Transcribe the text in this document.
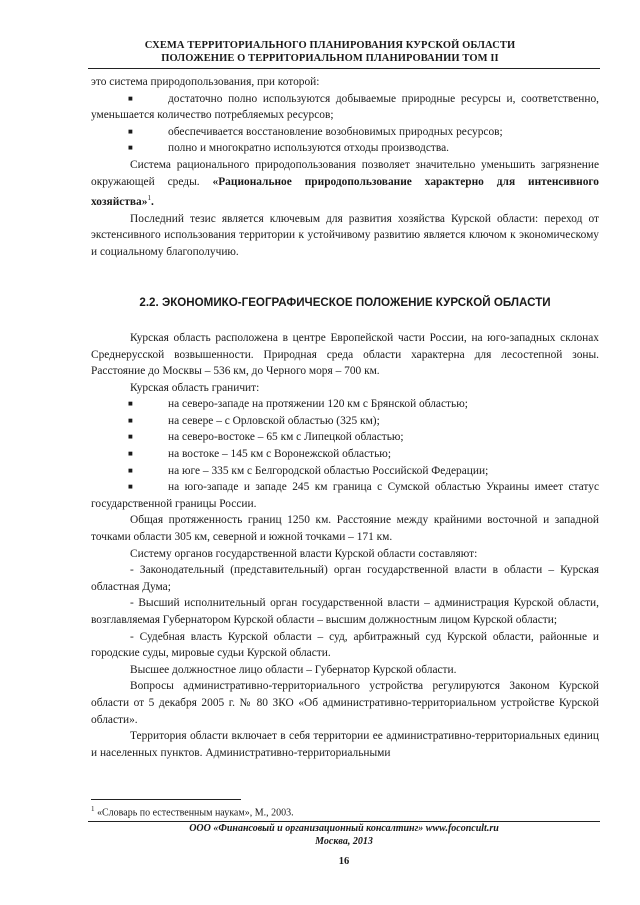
СХЕМА ТЕРРИТОРИАЛЬНОГО ПЛАНИРОВАНИЯ КУРСКОЙ ОБЛАСТИ
ПОЛОЖЕНИЕ О ТЕРРИТОРИАЛЬНОМ ПЛАНИРОВАНИИ ТОМ II

это система природопользования, при которой:

■	достаточно полно используются добываемые природные ресурсы и, соответственно, уменьшается количество потребляемых ресурсов;

■	обеспечивается восстановление возобновимых природных ресурсов;

■	полно и многократно используются отходы производства.

Система рационального природопользования позволяет значительно уменьшить загрязнение окружающей среды. «Рациональное природопользование характерно для интенсивного хозяйства»$^1$.

Последний тезис является ключевым для развития хозяйства Курской области: переход от экстенсивного использования территории к устойчивому развитию является ключом к экономическому и социальному благополучию.

2.2. ЭКОНОМИКО-ГЕОГРАФИЧЕСКОЕ ПОЛОЖЕНИЕ КУРСКОЙ ОБЛАСТИ

Курская область расположена в центре Европейской части России, на юго-западных склонах Среднерусской возвышенности. Природная среда области характерна для лесостепной зоны. Расстояние до Москвы – 536 км, до Черного моря – 700 км.

Курская область граничит:

■	на северо-западе на протяжении 120 км с Брянской областью;

■	на севере – с Орловской областью (325 км);

■	на северо-востоке – 65 км с Липецкой областью;

■	на востоке – 145 км с Воронежской областью;

■	на юге – 335 км с Белгородской областью Российской Федерации;

■	на юго-западе и западе 245 км граница с Сумской областью Украины имеет статус государственной границы России.

Общая протяженность границ 1250 км. Расстояние между крайними восточной и западной точками области 305 км, северной и южной точками – 171 км.

Систему органов государственной власти Курской области составляют:

- Законодательный (представительный) орган государственной власти в области – Курская областная Дума;

- Высший исполнительный орган государственной власти – администрация Курской области, возглавляемая Губернатором Курской области – высшим должностным лицом Курской области;

- Судебная власть Курской области – суд, арбитражный суд Курской области, районные и городские суды, мировые судьи Курской области.

Высшее должностное лицо области – Губернатор Курской области.

Вопросы административно-территориального устройства регулируются Законом Курской области от 5 декабря 2005 г. № 80 ЗКО «Об административно-территориальном устройстве Курской области».

Территория области включает в себя территории ее административно-территориальных единиц и населенных пунктов. Административно-территориальными

$^1$ «Словарь по естественным наукам», М., 2003.
ООО «Финансовый и организационный консалтинг» www.foconcult.ru
Москва, 2013
16
